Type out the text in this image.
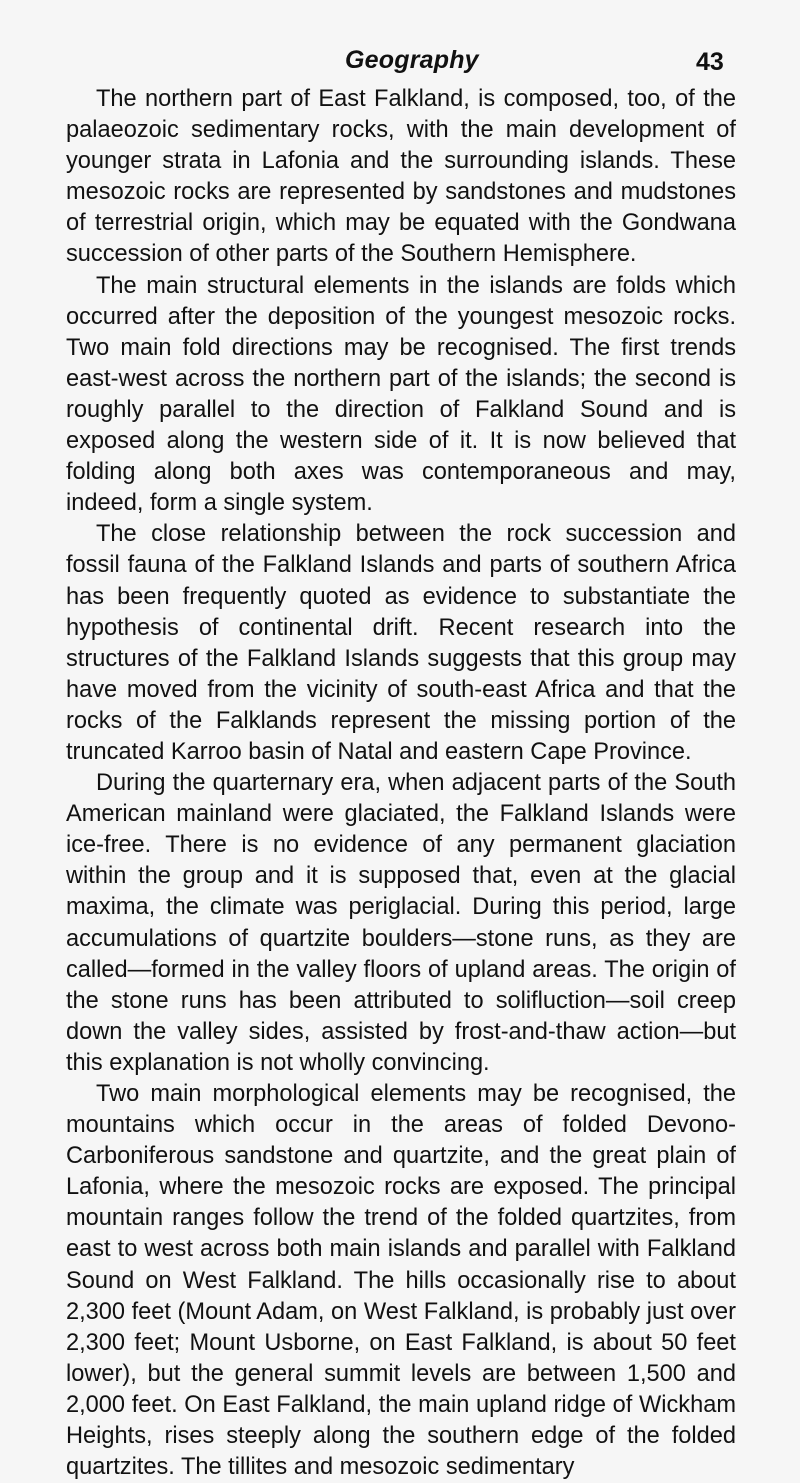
Geography	43

The northern part of East Falkland, is composed, too, of the palaeozoic sedimentary rocks, with the main development of younger strata in Lafonia and the surrounding islands. These mesozoic rocks are represented by sandstones and mudstones of terrestrial origin, which may be equated with the Gondwana succession of other parts of the Southern Hemisphere.

The main structural elements in the islands are folds which occurred after the deposition of the youngest mesozoic rocks. Two main fold directions may be recognised. The first trends east-west across the northern part of the islands; the second is roughly parallel to the direction of Falkland Sound and is exposed along the western side of it. It is now believed that folding along both axes was contemporaneous and may, indeed, form a single system.

The close relationship between the rock succession and fossil fauna of the Falkland Islands and parts of southern Africa has been frequently quoted as evidence to substantiate the hypothesis of continental drift. Recent research into the structures of the Falkland Islands suggests that this group may have moved from the vicinity of south-east Africa and that the rocks of the Falklands represent the missing portion of the truncated Karroo basin of Natal and eastern Cape Province.

During the quarternary era, when adjacent parts of the South American mainland were glaciated, the Falkland Islands were ice-free. There is no evidence of any permanent glaciation within the group and it is supposed that, even at the glacial maxima, the climate was periglacial. During this period, large accumulations of quartzite boulders—stone runs, as they are called—formed in the valley floors of upland areas. The origin of the stone runs has been attributed to solifluction—soil creep down the valley sides, assisted by frost-and-thaw action—but this explanation is not wholly convincing.

Two main morphological elements may be recognised, the mountains which occur in the areas of folded Devono-Carboniferous sandstone and quartzite, and the great plain of Lafonia, where the mesozoic rocks are exposed. The principal mountain ranges follow the trend of the folded quartzites, from east to west across both main islands and parallel with Falkland Sound on West Falkland. The hills occasionally rise to about 2,300 feet (Mount Adam, on West Falkland, is probably just over 2,300 feet; Mount Usborne, on East Falkland, is about 50 feet lower), but the general summit levels are between 1,500 and 2,000 feet. On East Falkland, the main upland ridge of Wickham Heights, rises steeply along the southern edge of the folded quartzites. The tillites and mesozoic sedimentary
